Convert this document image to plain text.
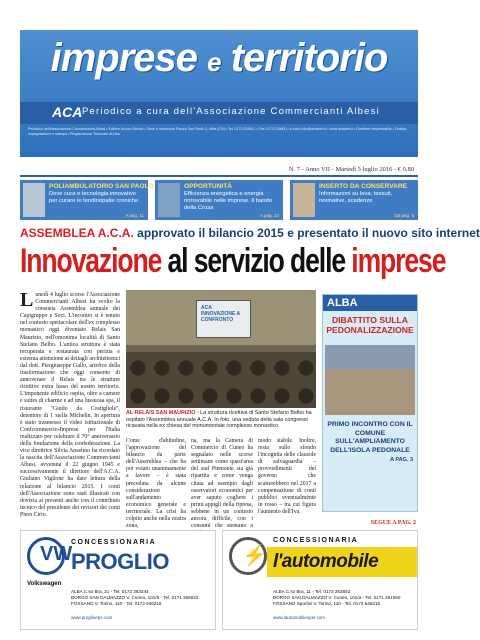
imprese e territorio
ACA Periodico a cura dell'Associazione Commercianti Albesi
Periodico dell'Associazione Commercianti Albesi • Editore Ascom Servizi • Sede e redazione Piazza San Paolo 3, Alba (CN) • Tel. 0173 226611 • Fax 0173 226800 • e-mail: info@acaweb.it • www.acaweb.it • Direttore responsabile • Grafica, impaginazione e stampa • Registrazione Tribunale di Alba
N. 7 - Anno VII - Martedì 5 luglio 2016 - € 0,80
POLIAMBULATORIO SAN PAOLO
Dove cura e tecnologia innovative per curare le tendinopatie croniche
A pag. 11
OPPORTUNITÀ
Efficienza energetica e energia rinnovabile nelle imprese. Il bando della Crosa
A pag. 10
INSERTO DA CONSERVARE
Informazioni su leva, tessuti, normative, scadenze
Da pag. 5
ASSEMBLEA A.C.A. approvato il bilancio 2015 e presentato il nuovo sito internet
Innovazione al servizio delle imprese
Lunedì 4 luglio scorso l'Associazione Commercianti Albesi ha svolto la consueta Assemblea annuale dei Capigruppo e Soci. L'incontro si è tenuto nel contesto spettacolare dell'ex complesso monastico oggi diventato Relais San Maurizio, nell'omonima località di Santo Stefano Belbo. L'antica struttura è stata recuperata e restaurata con perizia e estrema attenzione ai dettagli architettonici dal dott. Piergiuseppe Gallo, artefice della trasformazione che oggi consente di annoverare il Relais tra le strutture ricettive extra lusso del nostro territorio. L'imponente edificio ospita, oltre a camere e suites di charme e ad una lussuosa spa, il ristorante "Guido da Costigliole", detentore di 1 stella Michelin. In apertura è stato trasmesso il video istituzionale di Confcommercio-Imprese per l'Italia realizzato per celebrare il 70° anniversario della fondazione della confederazione. La vice direttrice Silvia Anselmo ha ricordato la nascita dell'Associazione Commercianti Albesi, avvenuta il 22 giugno 1945 e successivamente il direttore dell'A.C.A. Giuliano Viglione ha dato lettura della relazione al bilancio 2015. I conti dell'Associazione sono stati illustrati con dovizia ai presenti anche con il contributo tecnico del presidente dei revisori dei conti Piero Cirio.
ACA
INNOVAZIONE A CONFRONTO
AL RELAIS SAN MAURIZIO - La struttura ricettiva di Santo Stefano Belbo ha ospitato l'Assemblea annuale A.C.A. In foto, una veduta della sala congressi ricavata nella ex chiesa del monumentale complesso monastico
Come d'abitudine, l'approvazione del bilancio da parte dell'Assemblea – che ha poi votato unanimamente a favore – è stata preceduta da alcune considerazioni sull'andamento economico generale e territoriale. La crisi ha colpito anche nella nostra zona,
na, ma la Camera di Commercio di Cuneo ha segnalato nelle scorse settimane come quest'area del sud Piemonte sia già ripartita e come venga citata ad esempio dagli osservatori economici per aver saputo cogliere i primi appigli della ripresa, sebbene in un contesto ancora difficile, con i consumi che stentano a
modo stabile. Inoltre, resta sullo sfondo l'incognita delle clausole di salvaguardia – provvedimenti del governo che scatterebbero nel 2017 a compensazione di conti pubblici eventualmente in rosso – tra cui figura l'aumento dell'Iva.
ALBA
DIBATTITO SULLA PEDONALIZZAZIONE
PRIMO INCONTRO CON IL COMUNE SULL'AMPLIAMENTO DELL'ISOLA PEDONALE
A PAG. 3
SEGUE A PAG. 2
VW
Volkswagen
CONCESSIONARIA
PROGLIO
ALBA C.so Bra, 21 - Tel. 0173 363344
BORGO SAN DALMAZZO V. Cuneo, 101/b - Tel. 0171 268022
FOSSANO V. Torino, 110 - Tel. 0172 646216
www.proglioeps.com
⚡
CONCESSIONARIA
l'automobile
ALBA C.so Bra, 11 - Tel. 0173 282853
BORGO SAN DALMAZZO V. Cuneo, 101/a - Tel. 0171 261650
FOSSANO Sportivi V. Torino, 110 - Tel. 0172 646216
www.lautomobileopel.com
